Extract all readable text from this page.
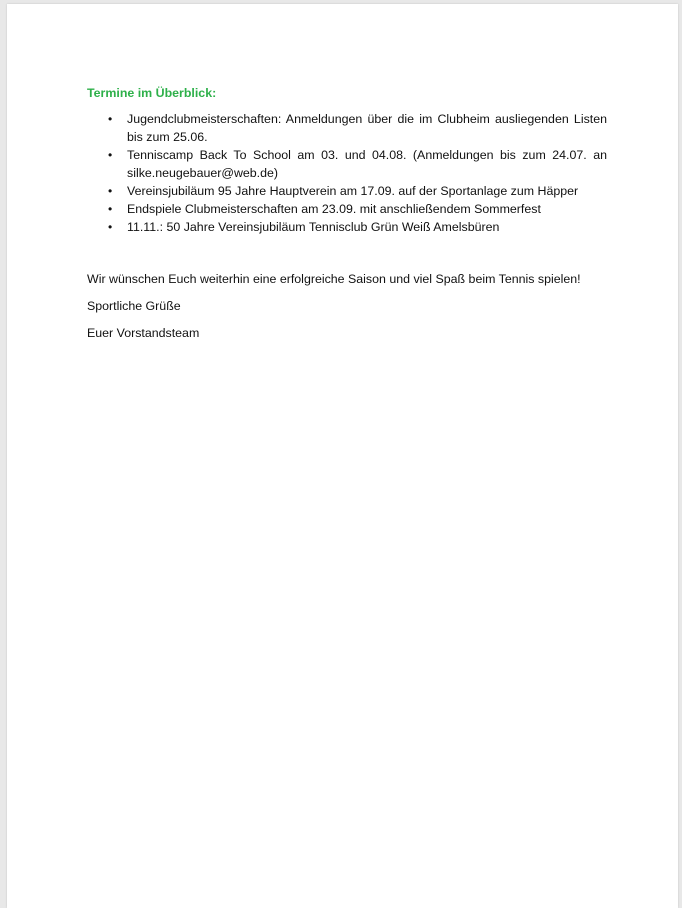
Termine im Überblick:

• Jugendclubmeisterschaften: Anmeldungen über die im Clubheim ausliegenden Listen bis zum 25.06.
• Tenniscamp Back To School am 03. und 04.08. (Anmeldungen bis zum 24.07. an silke.neugebauer@web.de)
• Vereinsjubiläum 95 Jahre Hauptverein am 17.09. auf der Sportanlage zum Häpper
• Endspiele Clubmeisterschaften am 23.09. mit anschließendem Sommerfest
• 11.11.: 50 Jahre Vereinsjubiläum Tennisclub Grün Weiß Amelsbüren

Wir wünschen Euch weiterhin eine erfolgreiche Saison und viel Spaß beim Tennis spielen!

Sportliche Grüße

Euer Vorstandsteam
